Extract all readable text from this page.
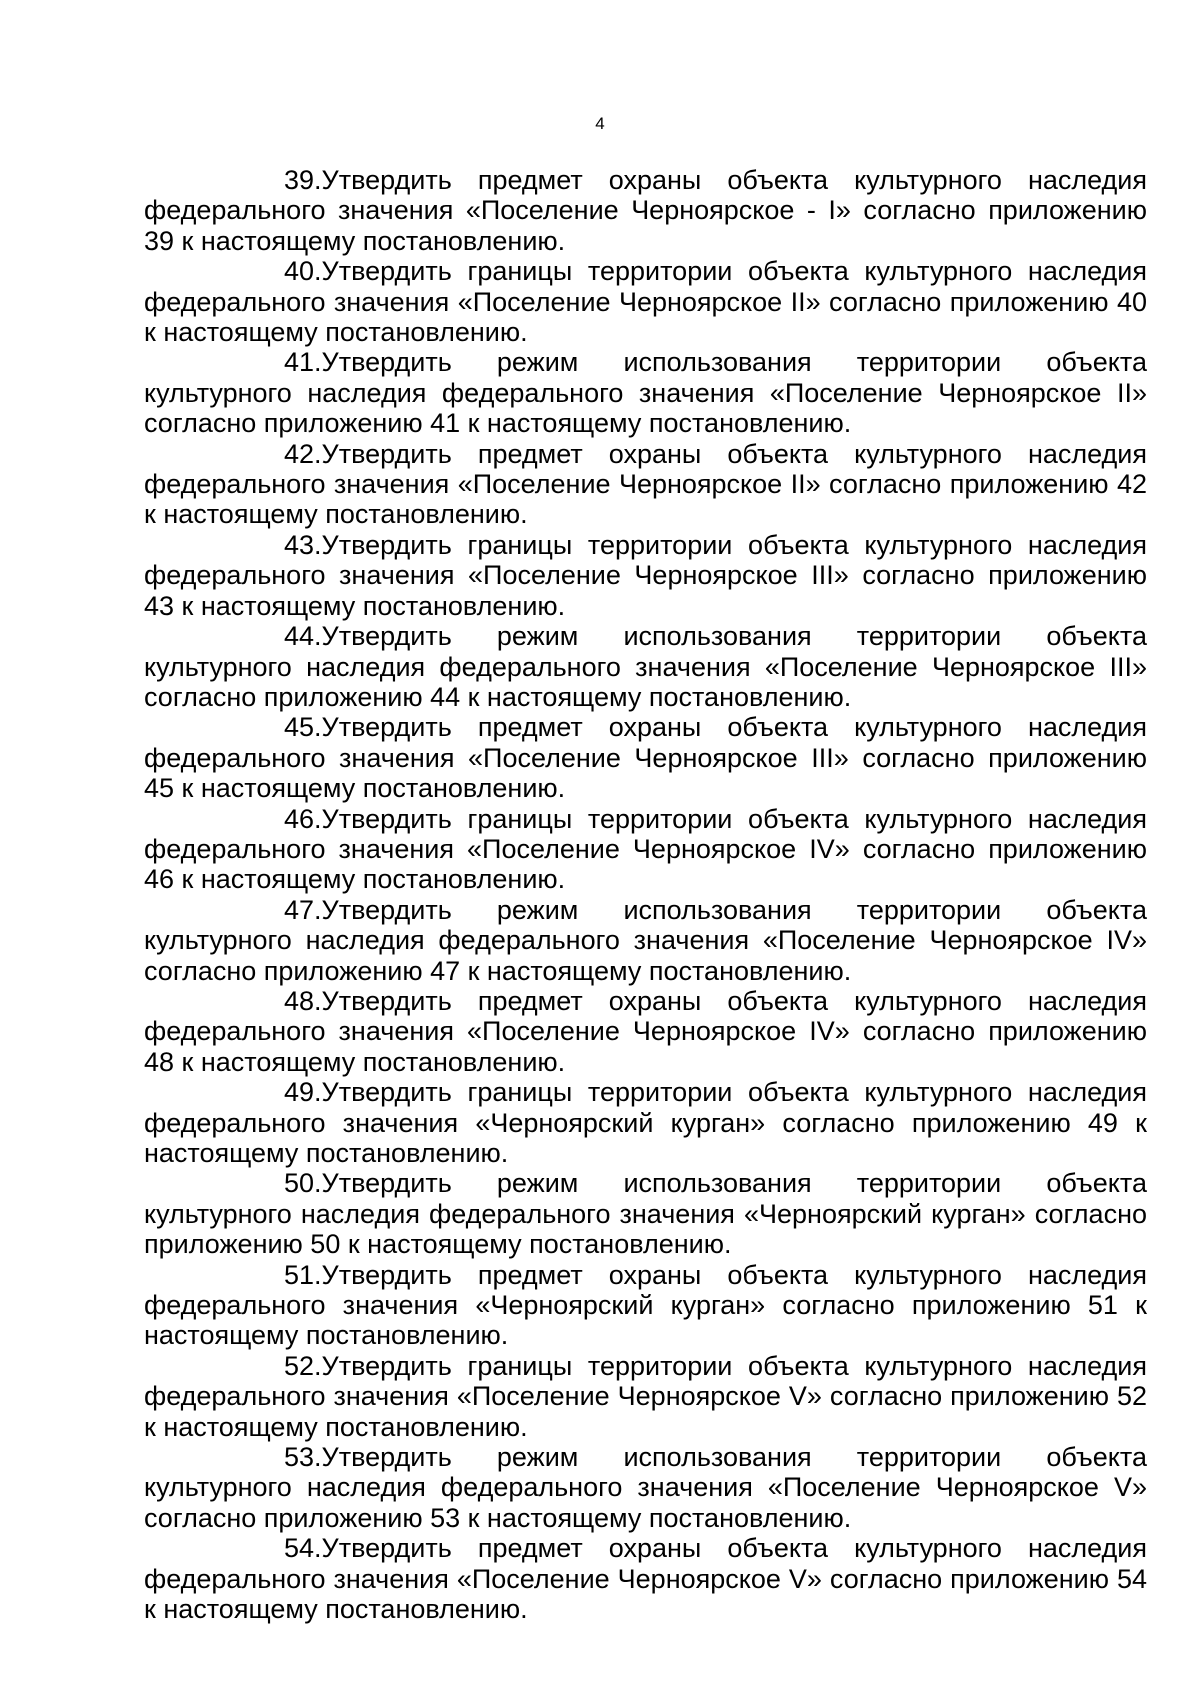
4

39.Утвердить предмет охраны объекта культурного наследия федерального значения «Поселение Черноярское - I» согласно приложению 39 к настоящему постановлению.

40.Утвердить границы территории объекта культурного наследия федерального значения «Поселение Черноярское II» согласно приложению 40 к настоящему постановлению.

41.Утвердить режим использования территории объекта культурного наследия федерального значения «Поселение Черноярское II» согласно приложению 41 к настоящему постановлению.

42.Утвердить предмет охраны объекта культурного наследия федерального значения «Поселение Черноярское II» согласно приложению 42 к настоящему постановлению.

43.Утвердить границы территории объекта культурного наследия федерального значения «Поселение Черноярское III» согласно приложению 43 к настоящему постановлению.

44.Утвердить режим использования территории объекта культурного наследия федерального значения «Поселение Черноярское III» согласно приложению 44 к настоящему постановлению.

45.Утвердить предмет охраны объекта культурного наследия федерального значения «Поселение Черноярское III» согласно приложению 45 к настоящему постановлению.

46.Утвердить границы территории объекта культурного наследия федерального значения «Поселение Черноярское IV» согласно приложению 46 к настоящему постановлению.

47.Утвердить режим использования территории объекта культурного наследия федерального значения «Поселение Черноярское IV» согласно приложению 47 к настоящему постановлению.

48.Утвердить предмет охраны объекта культурного наследия федерального значения «Поселение Черноярское IV» согласно приложению 48 к настоящему постановлению.

49.Утвердить границы территории объекта культурного наследия федерального значения «Черноярский курган» согласно приложению 49 к настоящему постановлению.

50.Утвердить режим использования территории объекта культурного наследия федерального значения «Черноярский курган» согласно приложению 50 к настоящему постановлению.

51.Утвердить предмет охраны объекта культурного наследия федерального значения «Черноярский курган» согласно приложению 51 к настоящему постановлению.

52.Утвердить границы территории объекта культурного наследия федерального значения «Поселение Черноярское V» согласно приложению 52 к настоящему постановлению.

53.Утвердить режим использования территории объекта культурного наследия федерального значения «Поселение Черноярское V» согласно приложению 53 к настоящему постановлению.

54.Утвердить предмет охраны объекта культурного наследия федерального значения «Поселение Черноярское V» согласно приложению 54 к настоящему постановлению.
